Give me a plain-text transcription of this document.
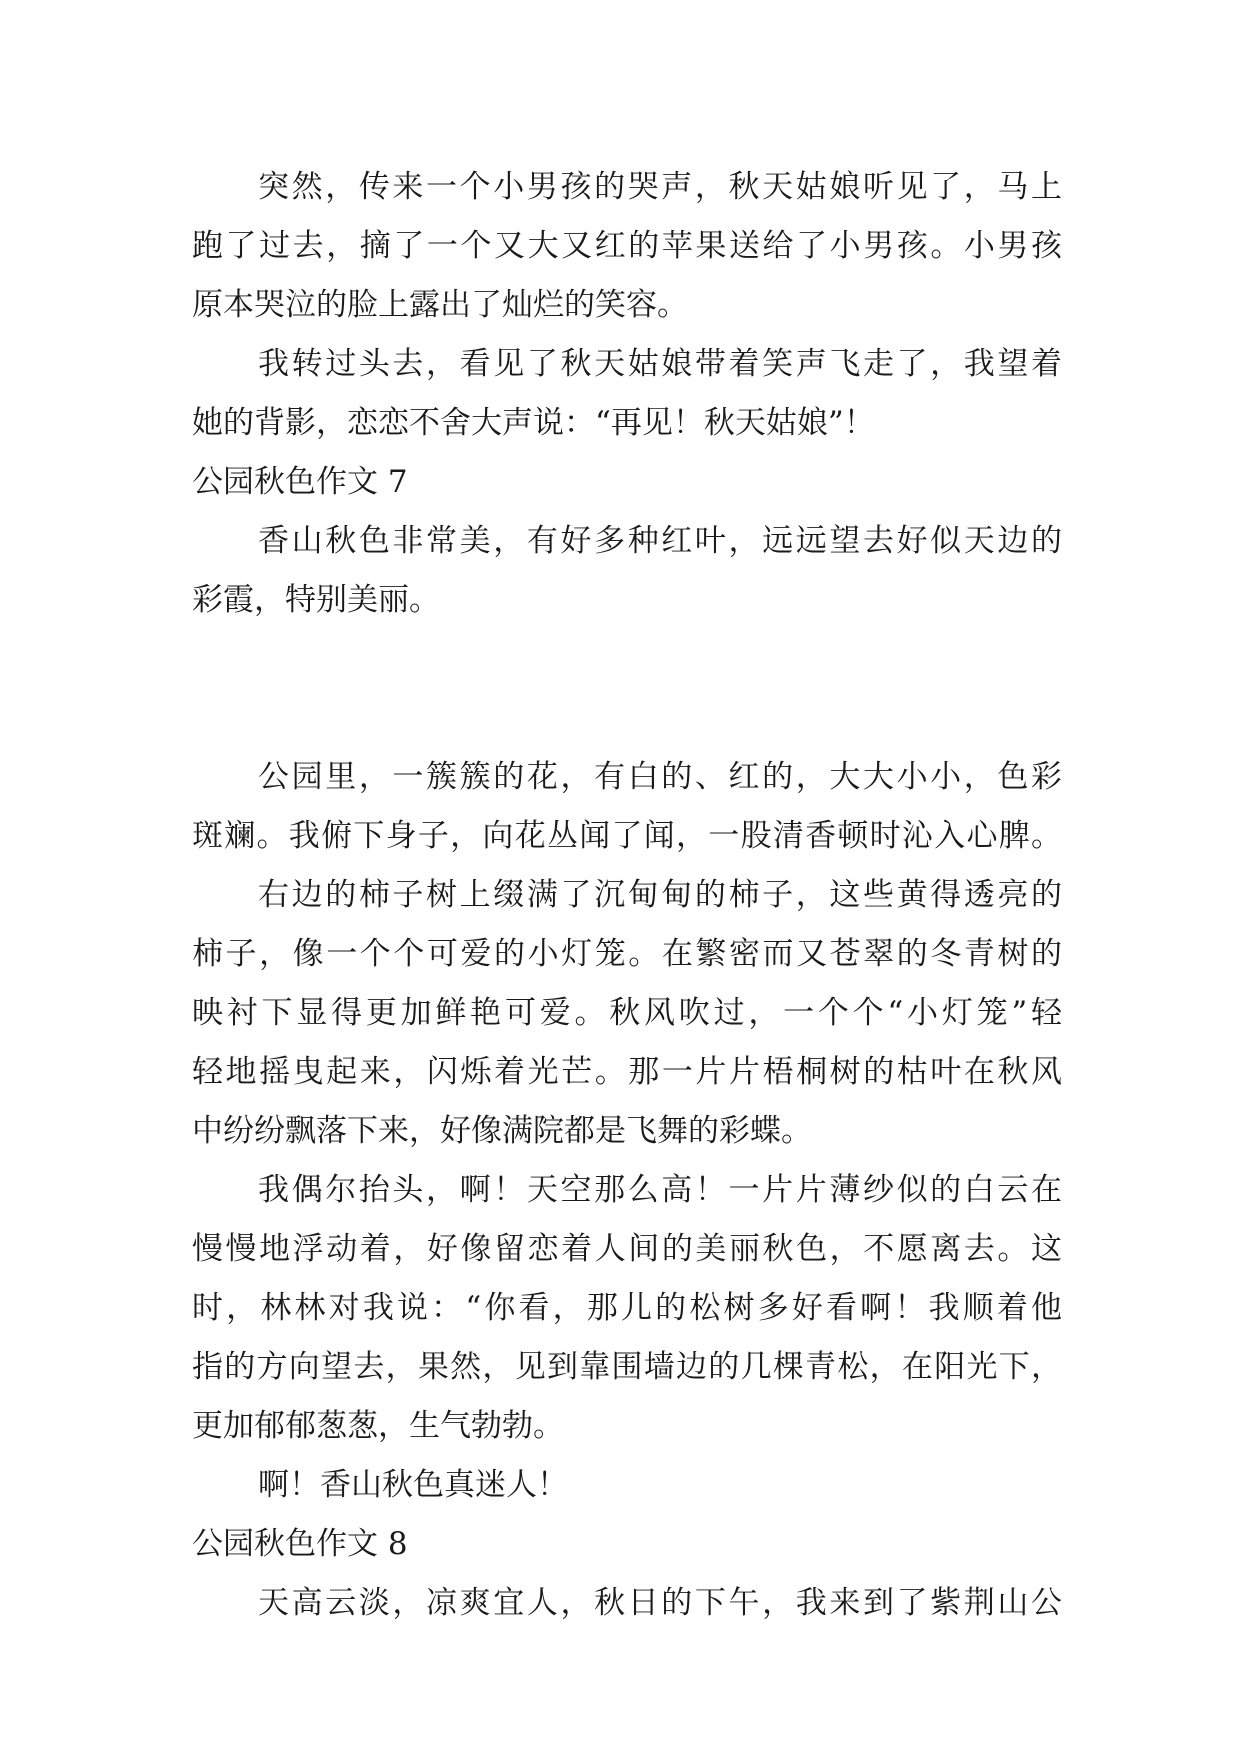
突然，传来一个小男孩的哭声，秋天姑娘听见了，马上
跑了过去，摘了一个又大又红的苹果送给了小男孩。小男孩
原本哭泣的脸上露出了灿烂的笑容。
我转过头去，看见了秋天姑娘带着笑声飞走了，我望着
她的背影，恋恋不舍大声说：“再见！秋天姑娘”！
公园秋色作文 7
香山秋色非常美，有好多种红叶，远远望去好似天边的
彩霞，特别美丽。
公园里，一簇簇的花，有白的、红的，大大小小，色彩
斑斓。我俯下身子，向花丛闻了闻，一股清香顿时沁入心脾。
右边的柿子树上缀满了沉甸甸的柿子，这些黄得透亮的
柿子，像一个个可爱的小灯笼。在繁密而又苍翠的冬青树的
映衬下显得更加鲜艳可爱。秋风吹过，一个个“小灯笼”轻
轻地摇曳起来，闪烁着光芒。那一片片梧桐树的枯叶在秋风
中纷纷飘落下来，好像满院都是飞舞的彩蝶。
我偶尔抬头，啊！天空那么高！一片片薄纱似的白云在
慢慢地浮动着，好像留恋着人间的美丽秋色，不愿离去。这
时，林林对我说：“你看，那儿的松树多好看啊！我顺着他
指的方向望去，果然，见到靠围墙边的几棵青松，在阳光下，
更加郁郁葱葱，生气勃勃。
啊！香山秋色真迷人！
公园秋色作文 8
天高云淡，凉爽宜人，秋日的下午，我来到了紫荆山公
